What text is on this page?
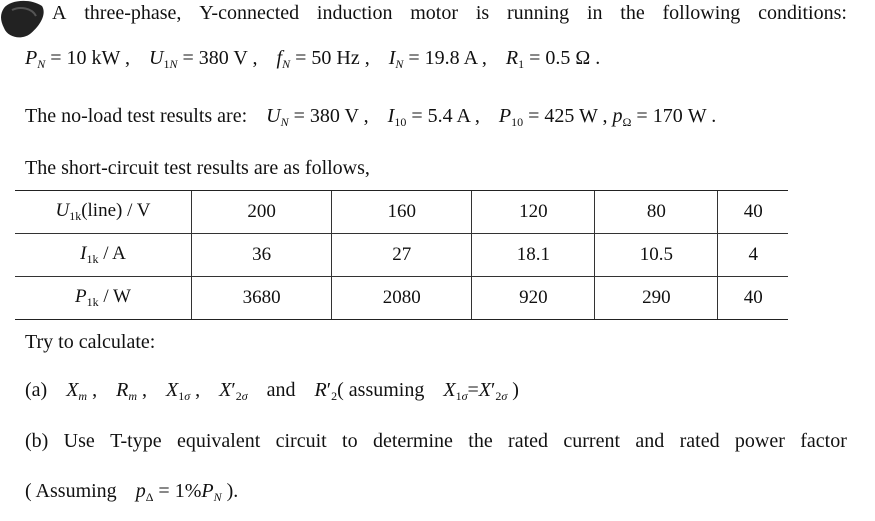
A three-phase, Y-connected induction motor is running in the following conditions:
$P_N = 10$ kW , $U_{1N} = 380$ V , $f_N = 50$ Hz , $I_N = 19.8$ A , $R_1 = 0.5$ Ω .
The no-load test results are: $U_N = 380$ V , $I_{10} = 5.4$ A , $P_{10} = 425$ W , $p_\Omega = 170$ W .
The short-circuit test results are as follows,
$U_{1k}(line)$ / V	200	160	120	80	40
$I_{1k}$ / A	36	27	18.1	10.5	4
$P_{1k}$ / W	3680	2080	920	290	40
Try to calculate:
(a) $X_m$ , $R_m$ , $X_{1\sigma}$ , $X'_{2\sigma}$ and $R'_2$( assuming $X_{1\sigma}=X'_{2\sigma}$ )
(b) Use T-type equivalent circuit to determine the rated current and rated power factor
( Assuming $p_\Delta = 1\%P_N$ ).
